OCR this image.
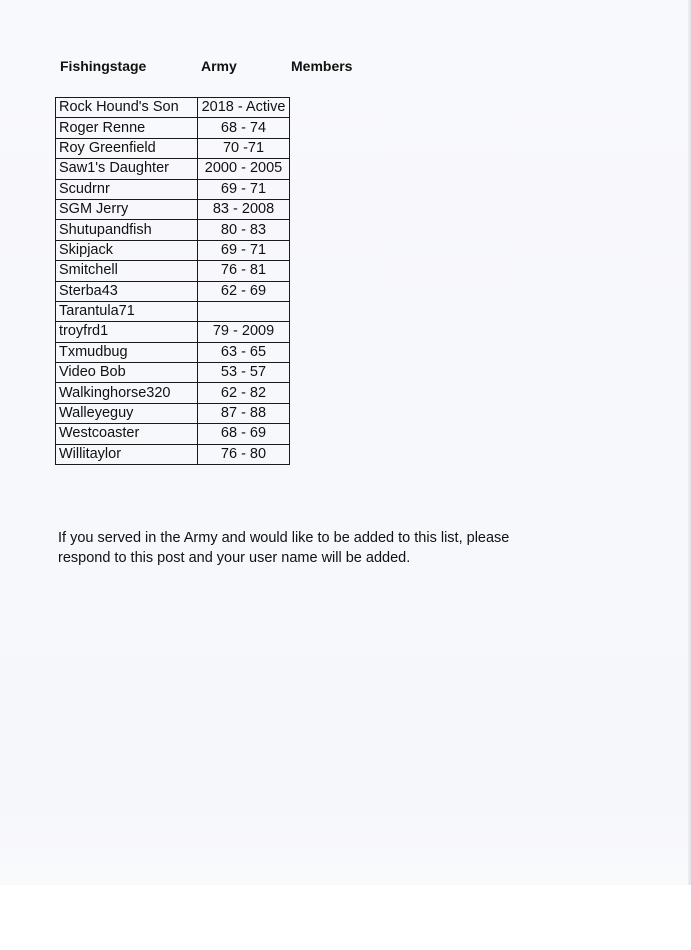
Fishingstage	Army	Members
Rock Hound's Son	2018 - Active
Roger Renne	68 - 74
Roy Greenfield	70 -71
Saw1's Daughter	2000 - 2005
Scudrnr	69 - 71
SGM Jerry	83 - 2008
Shutupandfish	80 - 83
Skipjack	69 - 71
Smitchell	76 - 81
Sterba43	62 - 69
Tarantula71	
troyfrd1	79 - 2009
Txmudbug	63 - 65
Video Bob	53 - 57
Walkinghorse320	62 - 82
Walleyeguy	87 - 88
Westcoaster	68 - 69
Willitaylor	76 - 80
If you served in the Army and would like to be added to this list, please
respond to this post and your user name will be added.
